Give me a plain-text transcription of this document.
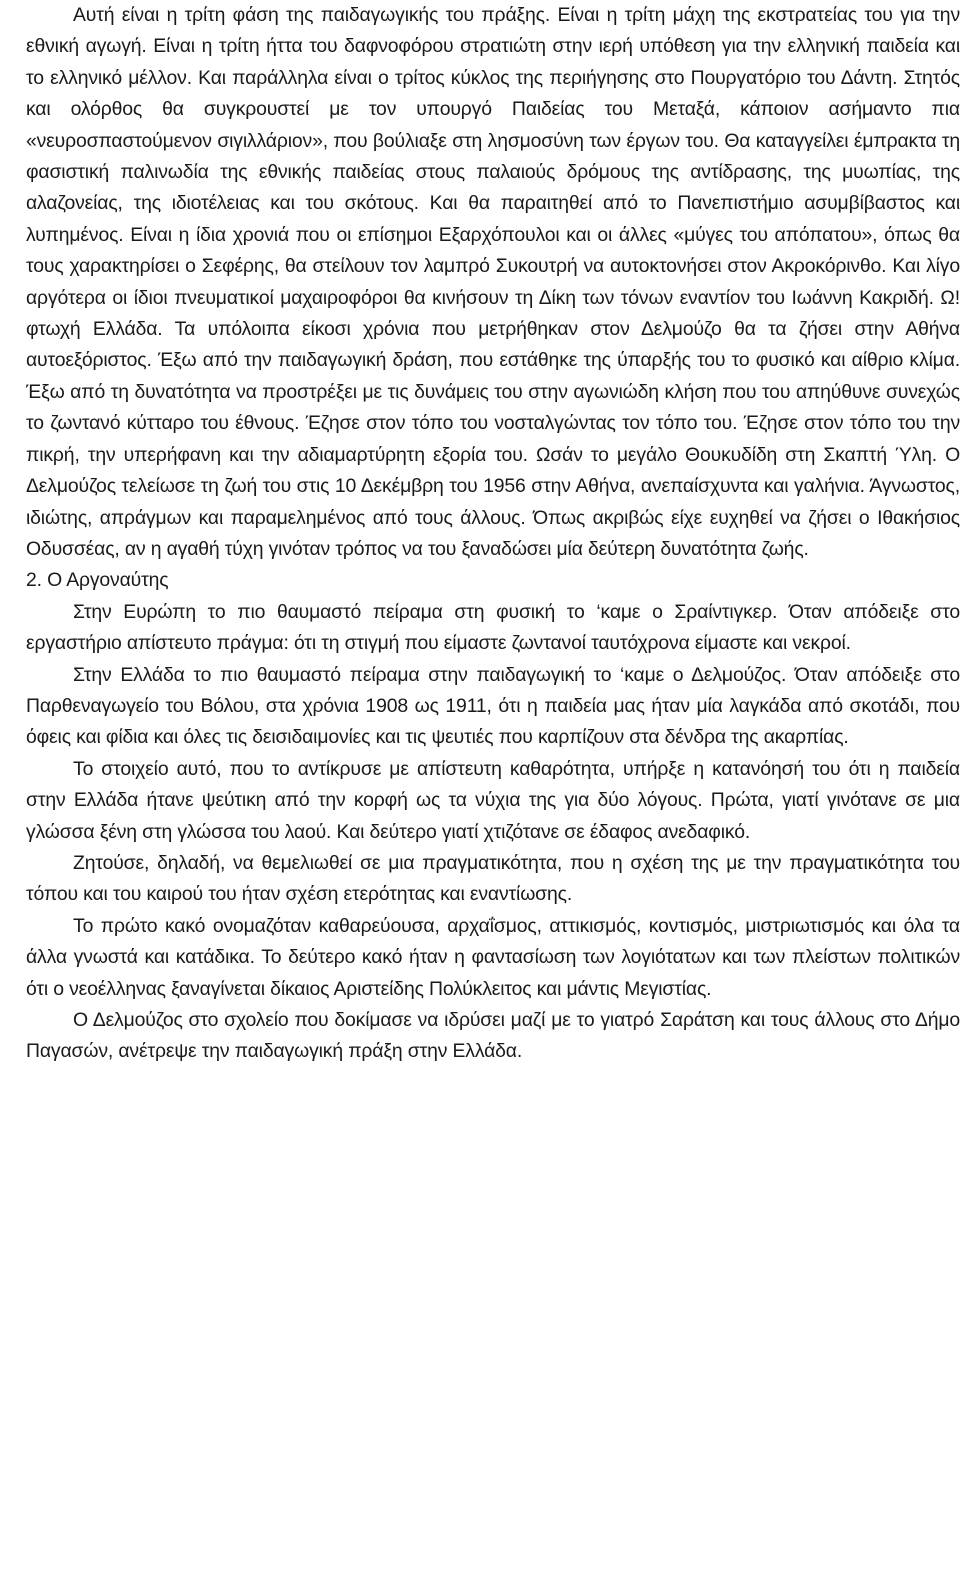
Αυτή είναι η τρίτη φάση της παιδαγωγικής του πράξης. Είναι η τρίτη μάχη της εκστρατείας του για την εθνική αγωγή. Είναι η τρίτη ήττα του δαφνοφόρου στρατιώτη στην ιερή υπόθεση για την ελληνική παιδεία και το ελληνικό μέλλον. Και παράλληλα είναι ο τρίτος κύκλος της περιήγησης στο Πουργατόριο του Δάντη. Στητός και ολόρθος θα συγκρουστεί με τον υπουργό Παιδείας του Μεταξά, κάποιον ασήμαντο πια «νευροσπαστούμενον σιγιλλάριον», που βούλιαξε στη λησμοσύνη των έργων του. Θα καταγγείλει έμπρακτα τη φασιστική παλινωδία της εθνικής παιδείας στους παλαιούς δρόμους της αντίδρασης, της μυωπίας, της αλαζονείας, της ιδιοτέλειας και του σκότους. Και θα παραιτηθεί από το Πανεπιστήμιο ασυμβίβαστος και λυπημένος. Είναι η ίδια χρονιά που οι επίσημοι Εξαρχόπουλοι και οι άλλες «μύγες του απόπατου», όπως θα τους χαρακτηρίσει ο Σεφέρης, θα στείλουν τον λαμπρό Συκουτρή να αυτοκτονήσει στον Ακροκόρινθο. Και λίγο αργότερα οι ίδιοι πνευματικοί μαχαιροφόροι θα κινήσουν τη Δίκη των τόνων εναντίον του Ιωάννη Κακριδή. Ω! φτωχή Ελλάδα. Τα υπόλοιπα είκοσι χρόνια που μετρήθηκαν στον Δελμούζο θα τα ζήσει στην Αθήνα αυτοεξόριστος. Έξω από την παιδαγωγική δράση, που εστάθηκε της ύπαρξής του το φυσικό και αίθριο κλίμα. Έξω από τη δυνατότητα να προστρέξει με τις δυνάμεις του στην αγωνιώδη κλήση που του απηύθυνε συνεχώς το ζωντανό κύτταρο του έθνους. Έζησε στον τόπο του νοσταλγώντας τον τόπο του. Έζησε στον τόπο του την πικρή, την υπερήφανη και την αδιαμαρτύρητη εξορία του. Ωσάν το μεγάλο Θουκυδίδη στη Σκαπτή Ύλη. Ο Δελμούζος τελείωσε τη ζωή του στις 10 Δεκέμβρη του 1956 στην Αθήνα, ανεπαίσχυντα και γαλήνια. Άγνωστος, ιδιώτης, απράγμων και παραμελημένος από τους άλλους. Όπως ακριβώς είχε ευχηθεί να ζήσει ο Ιθακήσιος Οδυσσέας, αν η αγαθή τύχη γινόταν τρόπος να του ξαναδώσει μία δεύτερη δυνατότητα ζωής.

2. Ο Αργοναύτης

Στην Ευρώπη το πιο θαυμαστό πείραμα στη φυσική το ‘καμε ο Σραίντιγκερ. Όταν απόδειξε στο εργαστήριο απίστευτο πράγμα: ότι τη στιγμή που είμαστε ζωντανοί ταυτόχρονα είμαστε και νεκροί.

Στην Ελλάδα το πιο θαυμαστό πείραμα στην παιδαγωγική το ‘καμε ο Δελμούζος. Όταν απόδειξε στο Παρθεναγωγείο του Βόλου, στα χρόνια 1908 ως 1911, ότι η παιδεία μας ήταν μία λαγκάδα από σκοτάδι, που όφεις και φίδια και όλες τις δεισιδαιμονίες και τις ψευτιές που καρπίζουν στα δένδρα της ακαρπίας.

Το στοιχείο αυτό, που το αντίκρυσε με απίστευτη καθαρότητα, υπήρξε η κατανόησή του ότι η παιδεία στην Ελλάδα ήτανε ψεύτικη από την κορφή ως τα νύχια της για δύο λόγους. Πρώτα, γιατί γινότανε σε μια γλώσσα ξένη στη γλώσσα του λαού. Και δεύτερο γιατί χτιζότανε σε έδαφος ανεδαφικό.

Ζητούσε, δηλαδή, να θεμελιωθεί σε μια πραγματικότητα, που η σχέση της με την πραγματικότητα του τόπου και του καιρού του ήταν σχέση ετερότητας και εναντίωσης.

Το πρώτο κακό ονομαζόταν καθαρεύουσα, αρχαΐσμος, αττικισμός, κοντισμός, μιστριωτισμός και όλα τα άλλα γνωστά και κατάδικα. Το δεύτερο κακό ήταν η φαντασίωση των λογιότατων και των πλείστων πολιτικών ότι ο νεοέλληνας ξαναγίνεται δίκαιος Αριστείδης Πολύκλειτος και μάντις Μεγιστίας.

Ο Δελμούζος στο σχολείο που δοκίμασε να ιδρύσει μαζί με το γιατρό Σαράτση και τους άλλους στο Δήμο Παγασών, ανέτρεψε την παιδαγωγική πράξη στην Ελλάδα.
